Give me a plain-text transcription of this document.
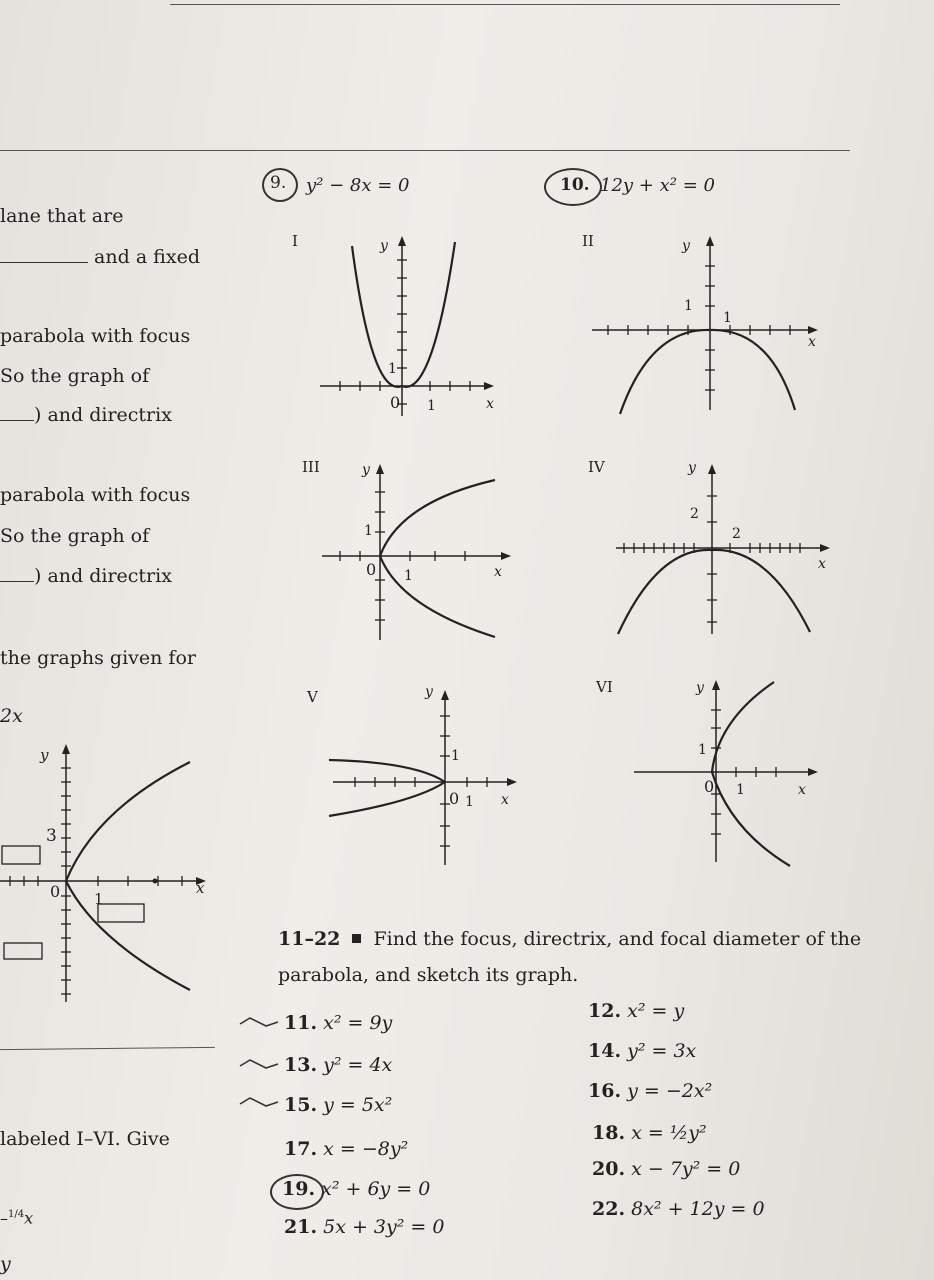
lane that are
and a fixed
parabola with focus
So the graph of
) and directrix
parabola with focus
So the graph of
) and directrix
the graphs given for
2x
labeled I–VI. Give
–$^{1/4}$x
y
y
3
0 1
x
9. y² − 8x = 0	10. 12y + x² = 0
I	y
1
0 1	x
II	y
1
1
x
III	y
1
0 1	x
IV	y
2
2
x
V	y
1
0 1 x
VI	y
1
0 1	x
11–22 Find the focus, directrix, and focal diameter of the
parabola, and sketch its graph.
11. x² = 9y
12. x² = y
13. y² = 4x
14. y² = 3x
15. y = 5x²
16. y = −2x²
17. x = −8y²
18. x = ½y²
19. x² + 6y = 0
20. x − 7y² = 0
21. 5x + 3y² = 0
22. 8x² + 12y = 0
